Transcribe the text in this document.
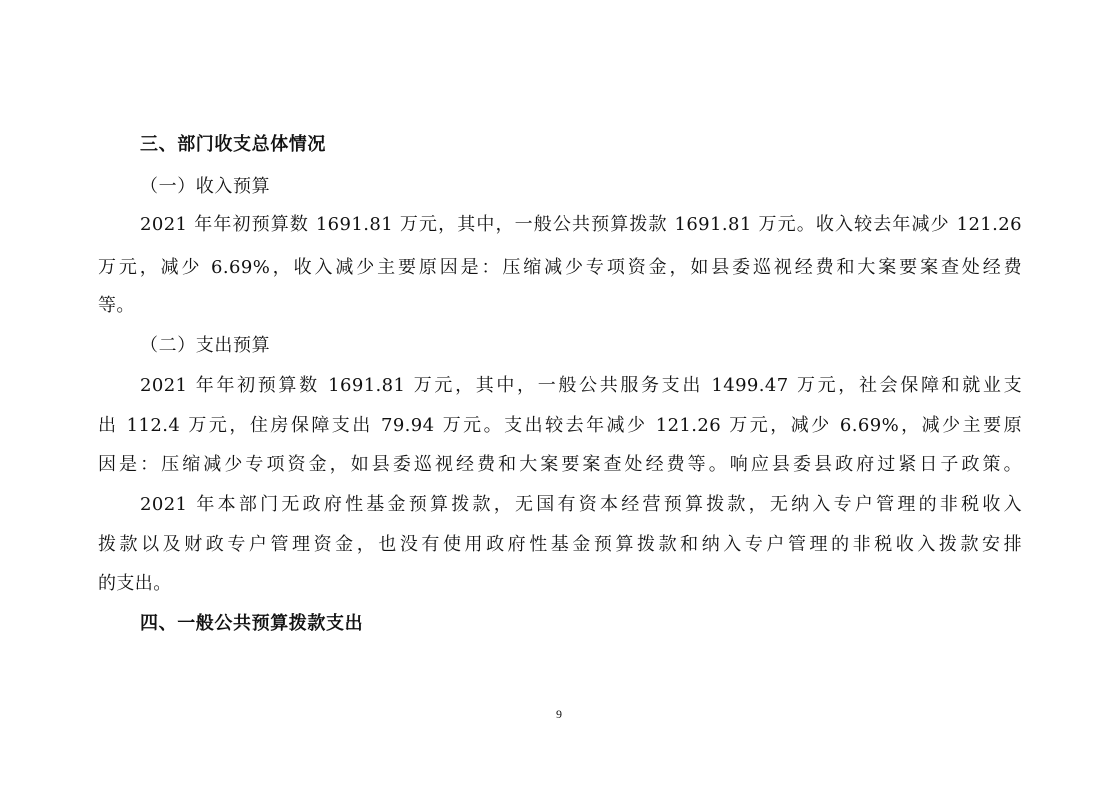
三、部门收支总体情况
（一）收入预算
2021 年年初预算数 1691.81 万元，其中，一般公共预算拨款 1691.81 万元。收入较去年减少 121.26
万元，减少 6.69%，收入减少主要原因是：压缩减少专项资金，如县委巡视经费和大案要案查处经费
等。
（二）支出预算
2021 年年初预算数 1691.81 万元，其中，一般公共服务支出 1499.47 万元，社会保障和就业支
出 112.4 万元，住房保障支出 79.94 万元。支出较去年减少 121.26 万元，减少 6.69%，减少主要原
因是：压缩减少专项资金，如县委巡视经费和大案要案查处经费等。响应县委县政府过紧日子政策。
2021 年本部门无政府性基金预算拨款，无国有资本经营预算拨款，无纳入专户管理的非税收入
拨款以及财政专户管理资金，也没有使用政府性基金预算拨款和纳入专户管理的非税收入拨款安排
的支出。
四、一般公共预算拨款支出
9
